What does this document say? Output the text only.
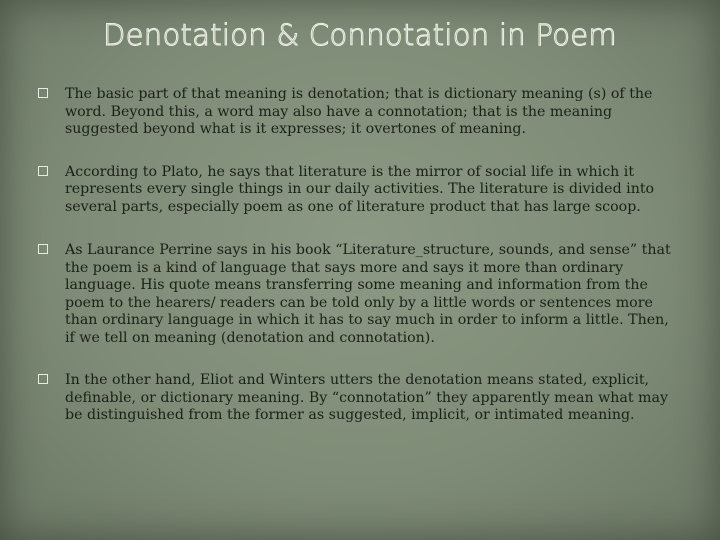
Denotation & Connotation in Poem
The basic part of that meaning is denotation; that is dictionary meaning (s) of the word. Beyond this, a word may also have a connotation; that is the meaning suggested beyond what is it expresses; it overtones of meaning.
According to Plato, he says that literature is the mirror of social life in which it represents every single things in our daily activities. The literature is divided into several parts, especially poem as one of literature product that has large scoop.
As Laurance Perrine says in his book “Literature_structure, sounds, and sense” that the poem is a kind of language that says more and says it more than ordinary language. His quote means transferring some meaning and information from the poem to the hearers/ readers can be told only by a little words or sentences more than ordinary language in which it has to say much in order to inform a little. Then, if we tell on meaning (denotation and connotation).
In the other hand, Eliot and Winters utters the denotation means stated, explicit, definable, or dictionary meaning. By “connotation” they apparently mean what may be distinguished from the former as suggested, implicit, or intimated meaning.
